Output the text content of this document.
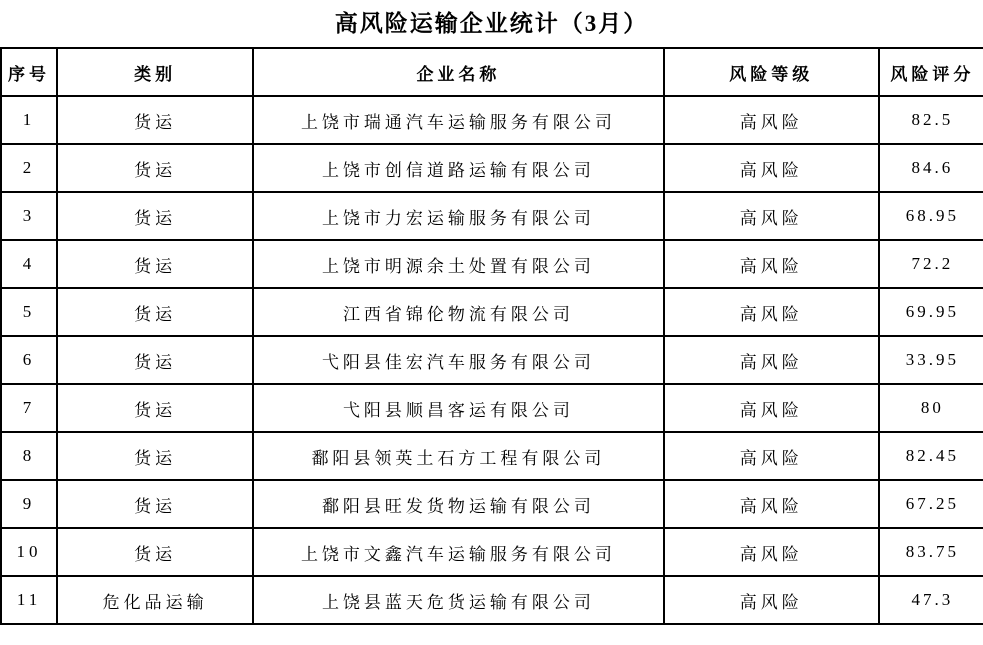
高风险运输企业统计（3月）
序号	类别	企业名称	风险等级	风险评分
1	货运	上饶市瑞通汽车运输服务有限公司	高风险	82.5
2	货运	上饶市创信道路运输有限公司	高风险	84.6
3	货运	上饶市力宏运输服务有限公司	高风险	68.95
4	货运	上饶市明源余土处置有限公司	高风险	72.2
5	货运	江西省锦伦物流有限公司	高风险	69.95
6	货运	弋阳县佳宏汽车服务有限公司	高风险	33.95
7	货运	弋阳县顺昌客运有限公司	高风险	80
8	货运	鄱阳县领英土石方工程有限公司	高风险	82.45
9	货运	鄱阳县旺发货物运输有限公司	高风险	67.25
10	货运	上饶市文鑫汽车运输服务有限公司	高风险	83.75
11	危化品运输	上饶县蓝天危货运输有限公司	高风险	47.3
